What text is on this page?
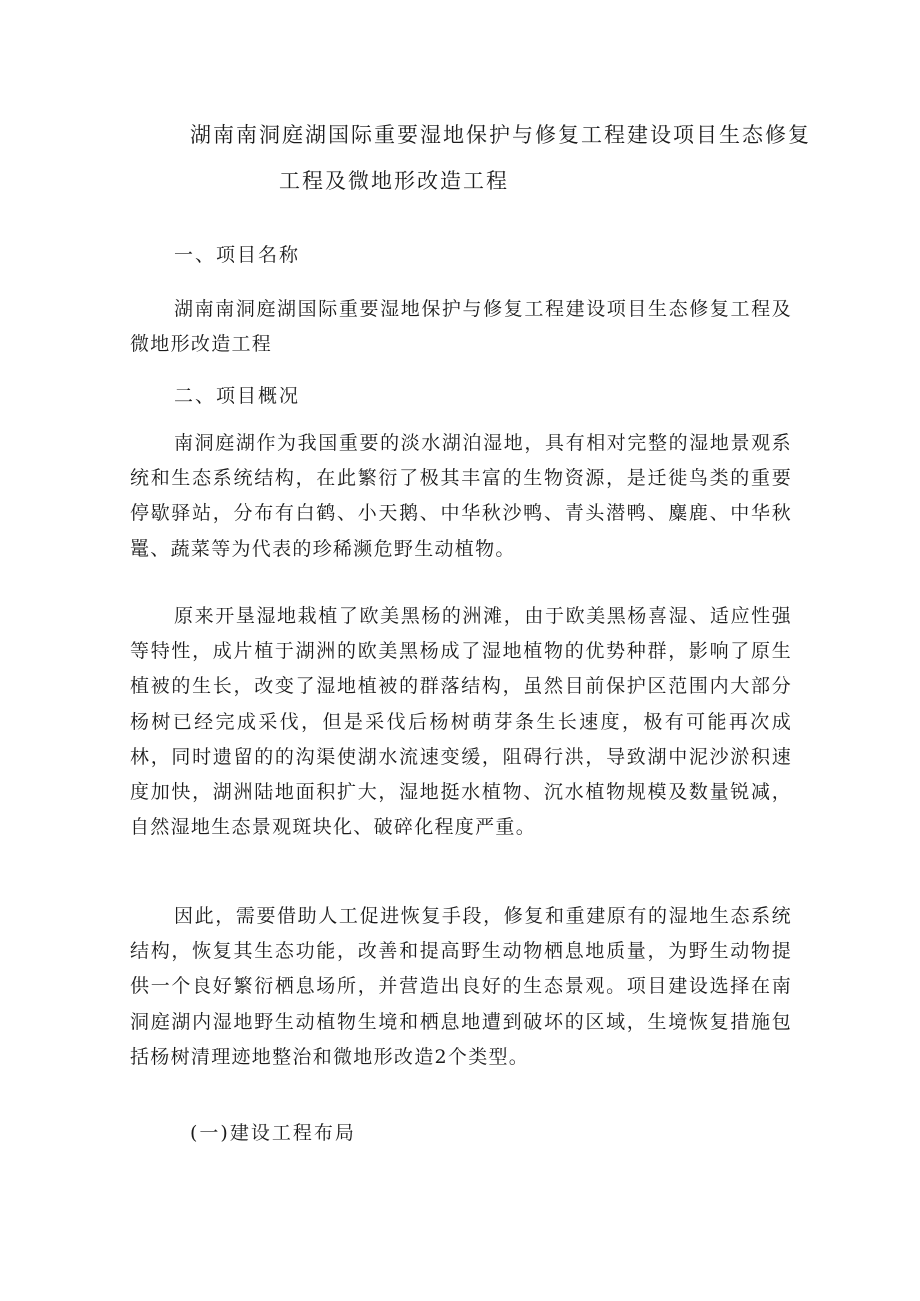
湖南南洞庭湖国际重要湿地保护与修复工程建设项目生态修复
工程及微地形改造工程
一、项目名称

湖南南洞庭湖国际重要湿地保护与修复工程建设项目生态修复工程及微地形改造工程

二、项目概况

南洞庭湖作为我国重要的淡水湖泊湿地，具有相对完整的湿地景观系统和生态系统结构，在此繁衍了极其丰富的生物资源，是迁徙鸟类的重要停歇驿站，分布有白鹤、小天鹅、中华秋沙鸭、青头潜鸭、麋鹿、中华秋鼍、蔬菜等为代表的珍稀濒危野生动植物。

原来开垦湿地栽植了欧美黑杨的洲滩，由于欧美黑杨喜湿、适应性强等特性，成片植于湖洲的欧美黑杨成了湿地植物的优势种群，影响了原生植被的生长，改变了湿地植被的群落结构，虽然目前保护区范围内大部分杨树已经完成采伐，但是采伐后杨树萌芽条生长速度，极有可能再次成林，同时遗留的的沟渠使湖水流速变缓，阻碍行洪，导致湖中泥沙淤积速度加快，湖洲陆地面积扩大，湿地挺水植物、沉水植物规模及数量锐减，自然湿地生态景观斑块化、破碎化程度严重。

因此，需要借助人工促进恢复手段，修复和重建原有的湿地生态系统结构，恢复其生态功能，改善和提高野生动物栖息地质量，为野生动物提供一个良好繁衍栖息场所，并营造出良好的生态景观。项目建设选择在南洞庭湖内湿地野生动植物生境和栖息地遭到破坏的区域，生境恢复措施包括杨树清理迹地整治和微地形改造2个类型。

(一)建设工程布局
